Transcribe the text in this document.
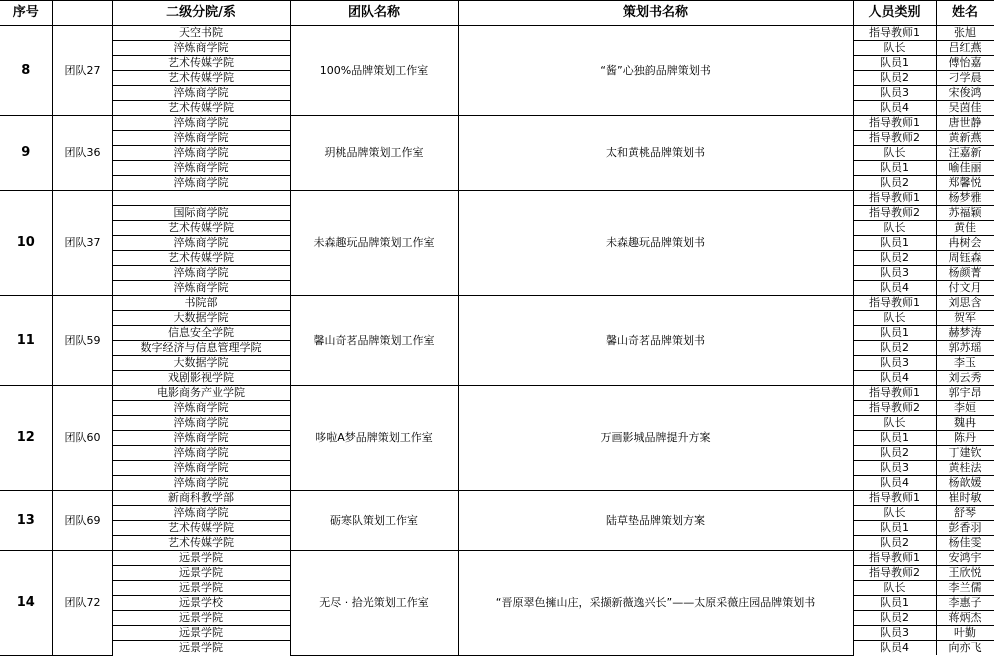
序号		二级分院/系	团队名称	策划书名称	人员类别	姓名
8	团队27	天空书院	100%品牌策划工作室	“酱”心独韵品牌策划书	指导教师1	张旭
		淬炼商学院			队长	吕红燕
		艺术传媒学院			队员1	傅怡嘉
		艺术传媒学院			队员2	刁学晨
		淬炼商学院			队员3	宋俊鸿
		艺术传媒学院			队员4	吴茵佳
9	团队36	淬炼商学院	玥桃品牌策划工作室	太和黄桃品牌策划书	指导教师1	唐世静
		淬炼商学院			指导教师2	黄新燕
		淬炼商学院			队长	汪嘉新
		淬炼商学院			队员1	喻佳丽
		淬炼商学院			队员2	郑馨悦
10	团队37		未森趣玩品牌策划工作室	未森趣玩品牌策划书	指导教师1	杨梦雅
		国际商学院			指导教师2	苏福颖
		艺术传媒学院			队长	黄佳
		淬炼商学院			队员1	冉树会
		艺术传媒学院			队员2	周钰森
		淬炼商学院			队员3	杨颜菁
		淬炼商学院			队员4	付文月
11	团队59	书院部	馨山奇茗品牌策划工作室	馨山奇茗品牌策划书	指导教师1	刘思含
		大数据学院			队长	贺军
		信息安全学院			队员1	赫梦涛
		数字经济与信息管理学院			队员2	郭苏瑶
		大数据学院			队员3	李玉
		戏剧影视学院			队员4	刘云秀
12	团队60	电影商务产业学院	哆啦A梦品牌策划工作室	万画影城品牌提升方案	指导教师1	郭宇昂
		淬炼商学院			指导教师2	李姮
		淬炼商学院			队长	魏冉
		淬炼商学院			队员1	陈丹
		淬炼商学院			队员2	丁建钦
		淬炼商学院			队员3	黄桂法
		淬炼商学院			队员4	杨歆媛
13	团队69	新商科教学部	砺寒队策划工作室	陆草垫品牌策划方案	指导教师1	崔时敏
		淬炼商学院			队长	舒琴
		艺术传媒学院			队员1	彭香羽
		艺术传媒学院			队员2	杨佳雯
14	团队72	远景学院	无尽 · 拾光策划工作室	“晋原翠色擁山庄，采撷新薇逸兴长”——太原采薇庄园品牌策划书	指导教师1	安鸿宇
		远景学院			指导教师2	王欣悦
		远景学院			队长	李兰儒
		远景学校			队员1	李惠子
		远景学院			队员2	蒋炳杰
		远景学院			队员3	叶勤
		远景学院			队员4	向亦飞
